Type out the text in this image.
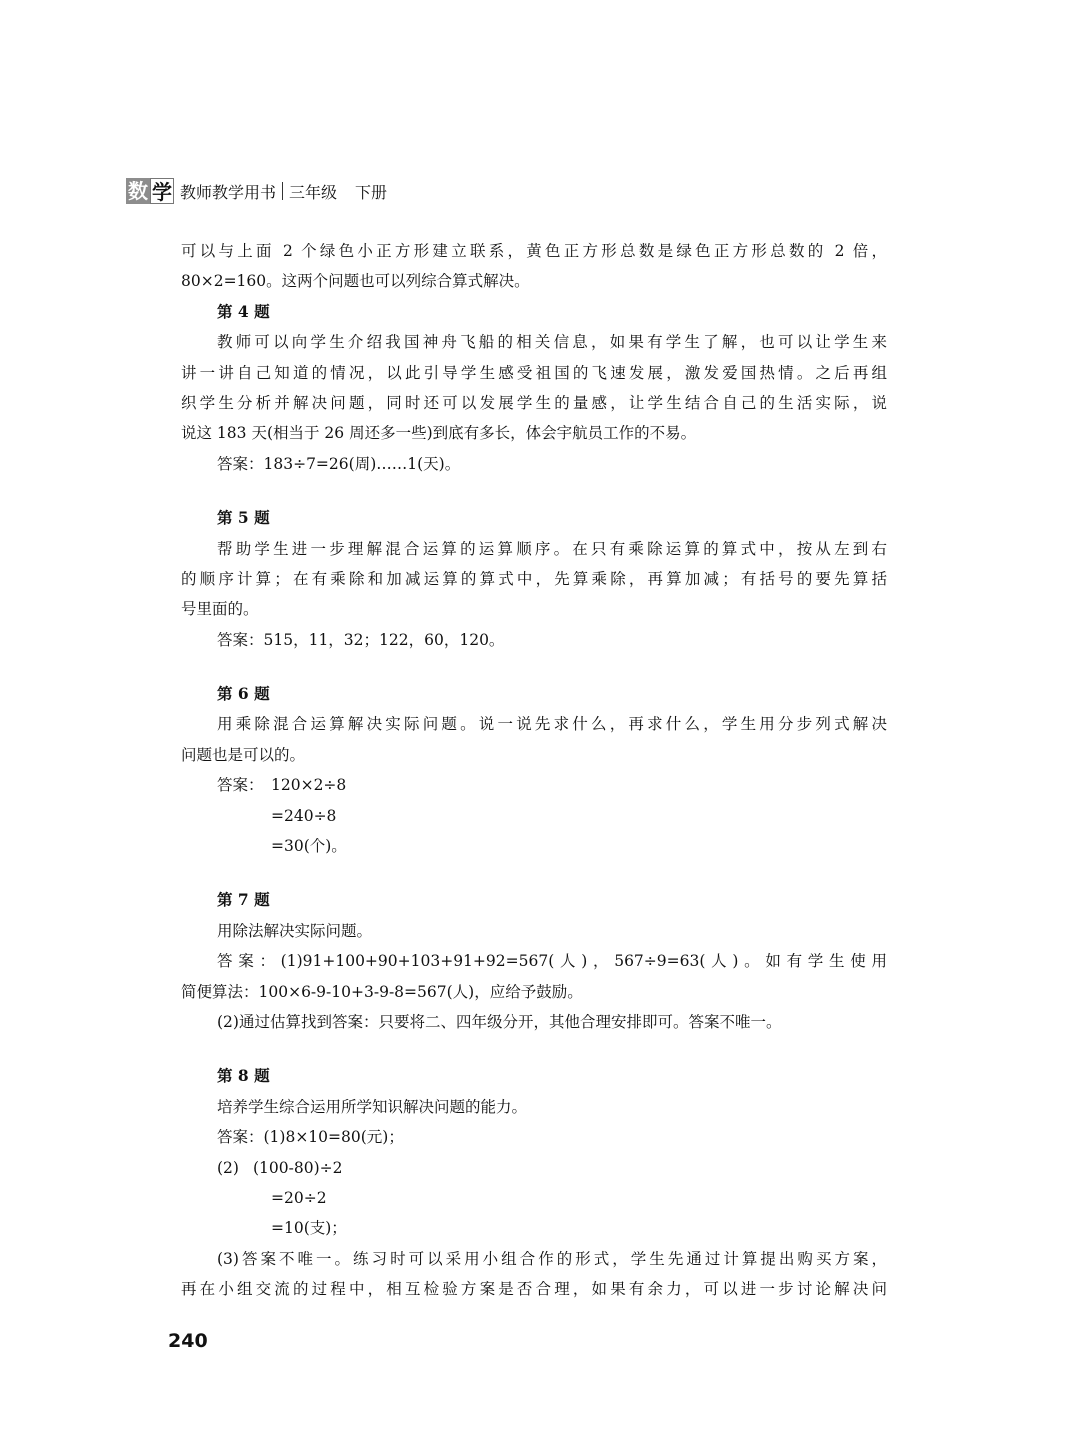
数 学 教师教学用书 三年级 下册
可以与上面 2 个绿色小正方形建立联系，黄色正方形总数是绿色正方形总数的 2 倍，
80×2=160。这两个问题也可以列综合算式解决。
第 4 题
教师可以向学生介绍我国神舟飞船的相关信息，如果有学生了解，也可以让学生来
讲一讲自己知道的情况，以此引导学生感受祖国的飞速发展，激发爱国热情。之后再组
织学生分析并解决问题，同时还可以发展学生的量感，让学生结合自己的生活实际，说
说这 183 天(相当于 26 周还多一些)到底有多长，体会宇航员工作的不易。
答案：183÷7=26(周)……1(天)。
第 5 题
帮助学生进一步理解混合运算的运算顺序。在只有乘除运算的算式中，按从左到右
的顺序计算；在有乘除和加减运算的算式中，先算乘除，再算加减；有括号的要先算括
号里面的。
答案：515，11，32；122，60，120。
第 6 题
用乘除混合运算解决实际问题。说一说先求什么，再求什么，学生用分步列式解决
问题也是可以的。
答案： 120×2÷8
=240÷8
=30(个)。
第 7 题
用除法解决实际问题。
答案：(1)91+100+90+103+91+92=567(人)，567÷9=63(人)。如有学生使用
简便算法：100×6-9-10+3-9-8=567(人)，应给予鼓励。
(2)通过估算找到答案：只要将二、四年级分开，其他合理安排即可。答案不唯一。
第 8 题
培养学生综合运用所学知识解决问题的能力。
答案：(1)8×10=80(元)；
(2) (100-80)÷2
=20÷2
=10(支)；
(3)答案不唯一。练习时可以采用小组合作的形式，学生先通过计算提出购买方案，
再在小组交流的过程中，相互检验方案是否合理，如果有余力，可以进一步讨论解决问
240
